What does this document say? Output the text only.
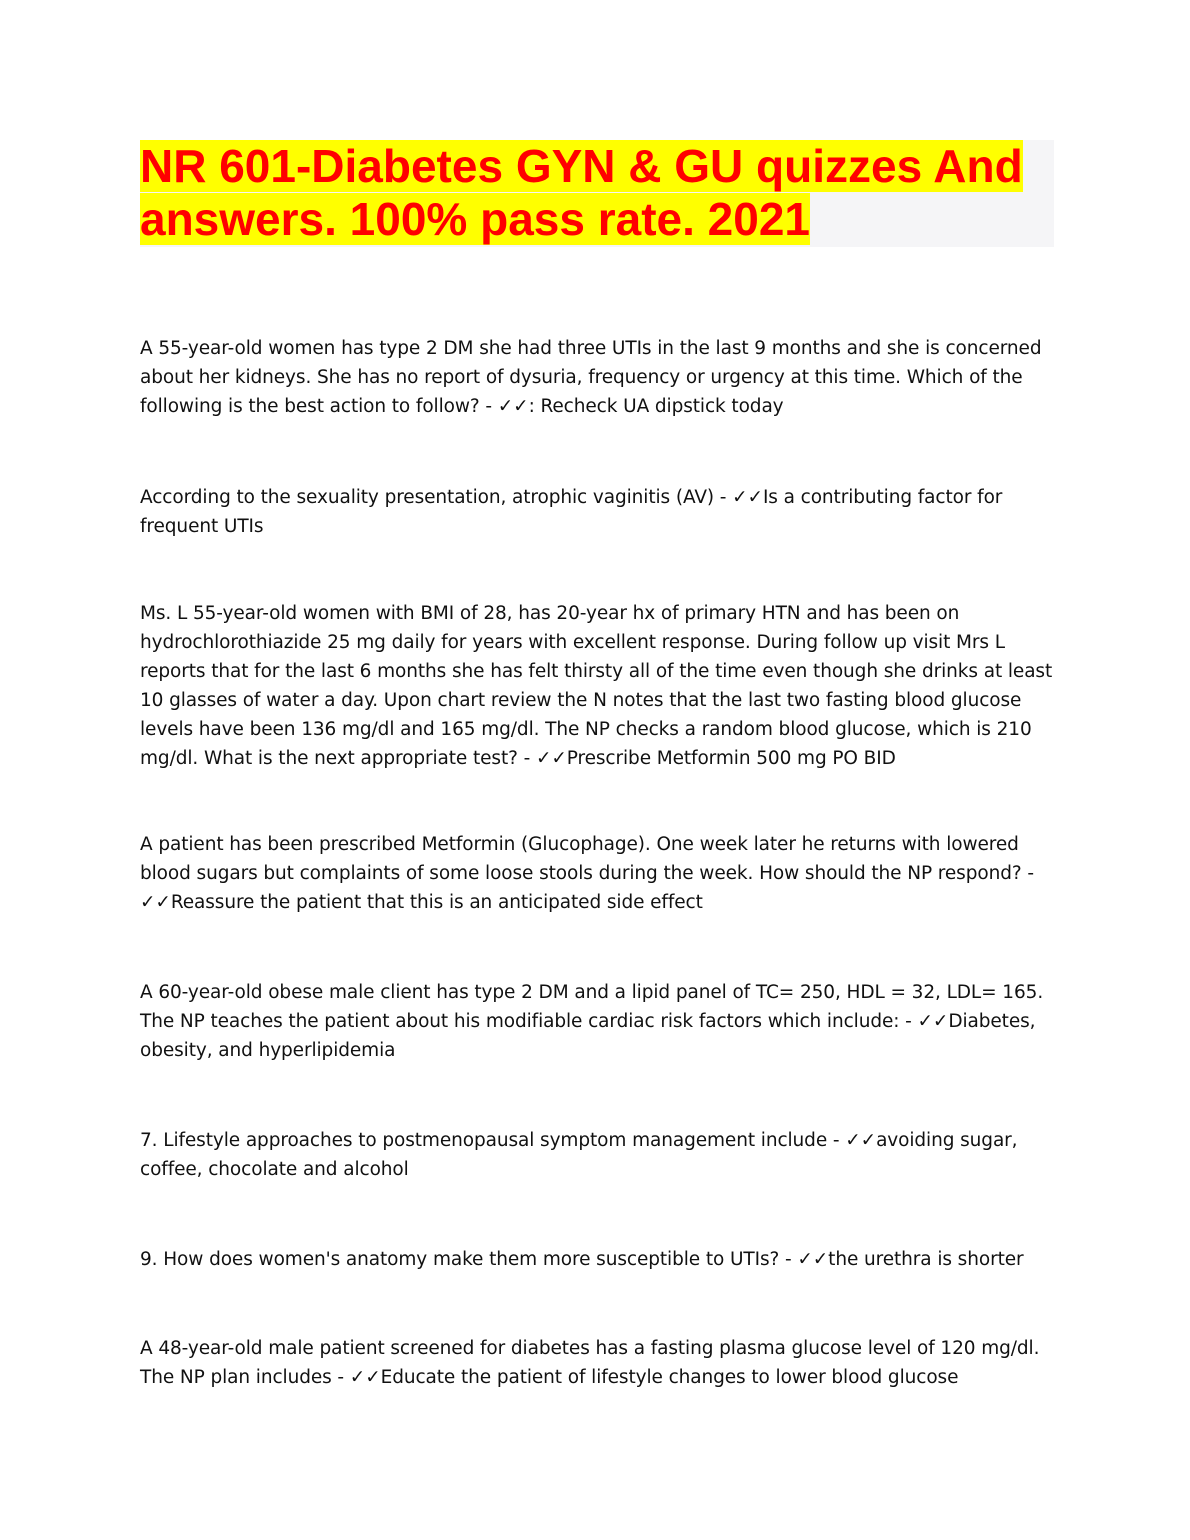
NR 601-Diabetes GYN & GU quizzes And

answers. 100% pass rate. 2021

A 55-year-old women has type 2 DM she had three UTIs in the last 9 months and she is concerned about her kidneys. She has no report of dysuria, frequency or urgency at this time. Which of the following is the best action to follow? - ✓✓: Recheck UA dipstick today

According to the sexuality presentation, atrophic vaginitis (AV) - ✓✓Is a contributing factor for frequent UTIs

Ms. L 55-year-old women with BMI of 28, has 20-year hx of primary HTN and has been on hydrochlorothiazide 25 mg daily for years with excellent response. During follow up visit Mrs L reports that for the last 6 months she has felt thirsty all of the time even though she drinks at least 10 glasses of water a day. Upon chart review the N notes that the last two fasting blood glucose levels have been 136 mg/dl and 165 mg/dl. The NP checks a random blood glucose, which is 210 mg/dl. What is the next appropriate test? - ✓✓Prescribe Metformin 500 mg PO BID

A patient has been prescribed Metformin (Glucophage). One week later he returns with lowered blood sugars but complaints of some loose stools during the week. How should the NP respond? - ✓✓Reassure the patient that this is an anticipated side effect

A 60-year-old obese male client has type 2 DM and a lipid panel of TC= 250, HDL = 32, LDL= 165. The NP teaches the patient about his modifiable cardiac risk factors which include: - ✓✓Diabetes, obesity, and hyperlipidemia

7. Lifestyle approaches to postmenopausal symptom management include - ✓✓avoiding sugar, coffee, chocolate and alcohol

9. How does women's anatomy make them more susceptible to UTIs? - ✓✓the urethra is shorter

A 48-year-old male patient screened for diabetes has a fasting plasma glucose level of 120 mg/dl. The NP plan includes - ✓✓Educate the patient of lifestyle changes to lower blood glucose
